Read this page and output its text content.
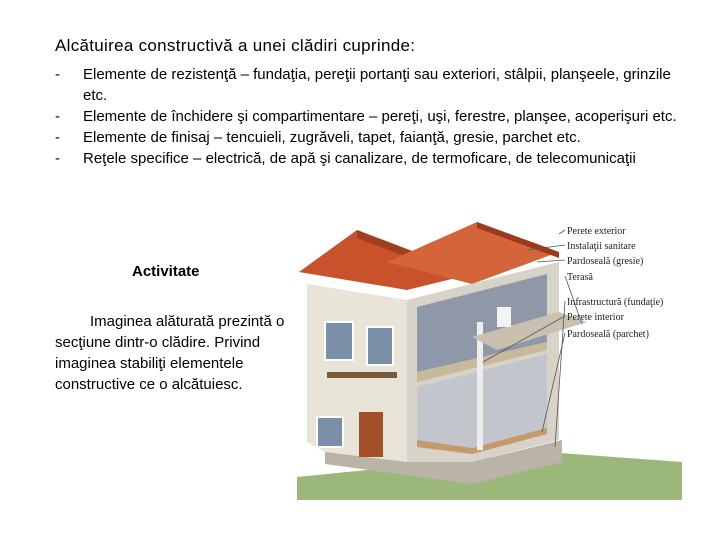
Alcătuirea constructivă a unei clădiri cuprinde:
- Elemente de rezistenţă – fundaţia, pereţii portanţi sau exteriori, stâlpii, planşeele, grinzile etc.
- Elemente de închidere şi compartimentare – pereţi, uşi, ferestre, planşee, acoperişuri etc.
- Elemente de finisaj – tencuieli, zugrăveli, tapet, faianţă, gresie, parchet etc.
- Reţele specifice – electrică, de apă şi canalizare, de termoficare, de telecomunicaţii

Activitate

Imaginea alăturată prezintă o secţiune dintr-o clădire. Privind imaginea stabiliţi elementele constructive ce o alcătuiesc.

Perete exterior
Instalaţii sanitare
Pardoseală (gresie)
Terasă
Infrastructură (fundaţie)
Perete interior
Pardoseală (parchet)
